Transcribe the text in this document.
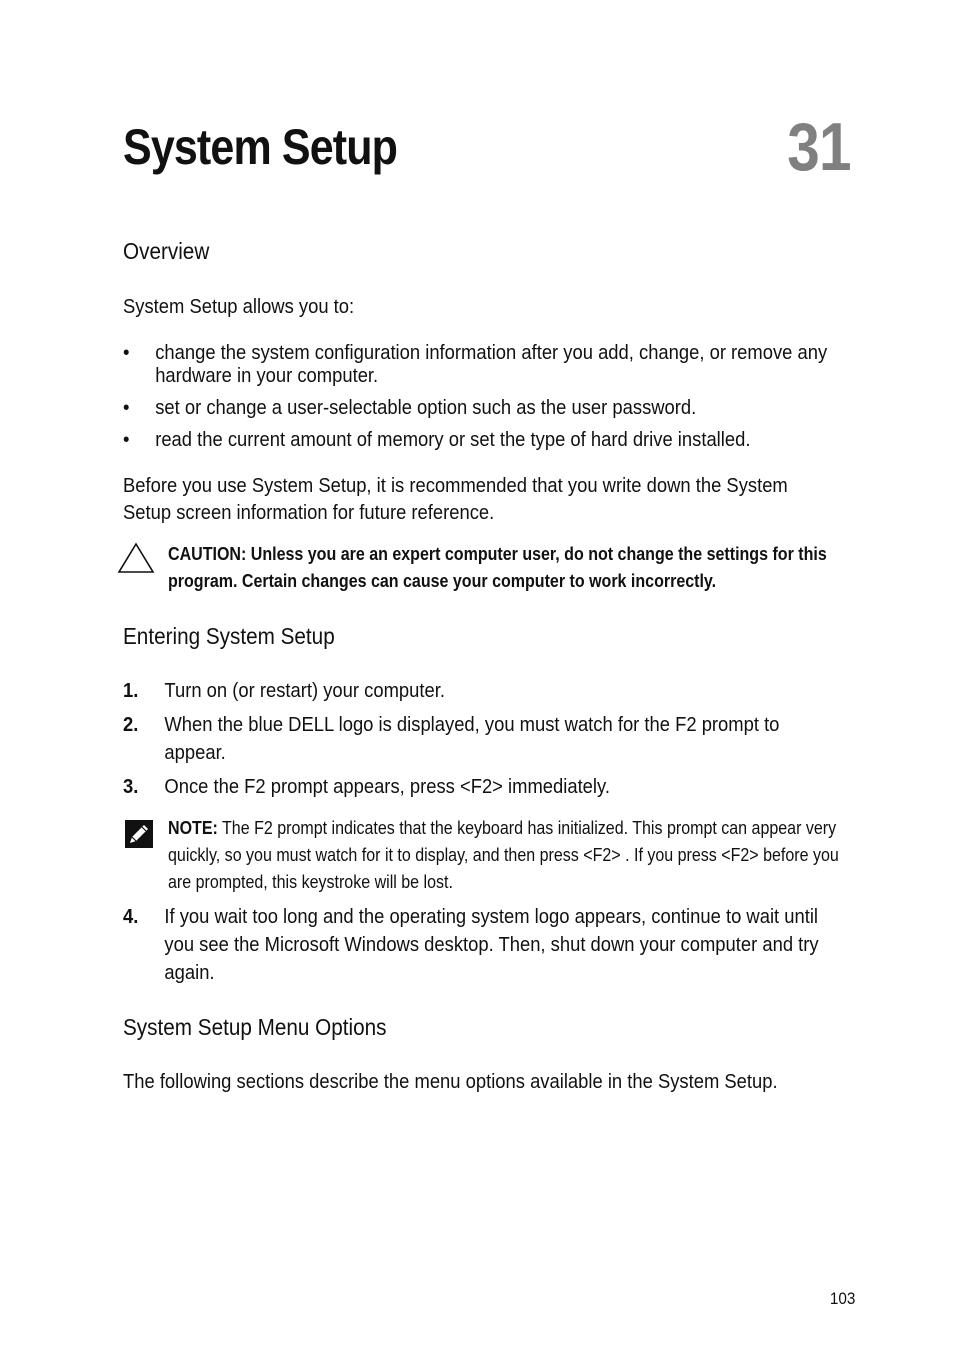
System Setup	31
Overview

System Setup allows you to:

• change the system configuration information after you add, change, or remove any hardware in your computer.
• set or change a user-selectable option such as the user password.
• read the current amount of memory or set the type of hard drive installed.

Before you use System Setup, it is recommended that you write down the System Setup screen information for future reference.

CAUTION: Unless you are an expert computer user, do not change the settings for this program. Certain changes can cause your computer to work incorrectly.
Entering System Setup
1. Turn on (or restart) your computer.
2. When the blue DELL logo is displayed, you must watch for the F2 prompt to appear.
3. Once the F2 prompt appears, press <F2> immediately.
NOTE: The F2 prompt indicates that the keyboard has initialized. This prompt can appear very quickly, so you must watch for it to display, and then press <F2> . If you press <F2> before you are prompted, this keystroke will be lost.
4. If you wait too long and the operating system logo appears, continue to wait until you see the Microsoft Windows desktop. Then, shut down your computer and try again.
System Setup Menu Options

The following sections describe the menu options available in the System Setup.

103
